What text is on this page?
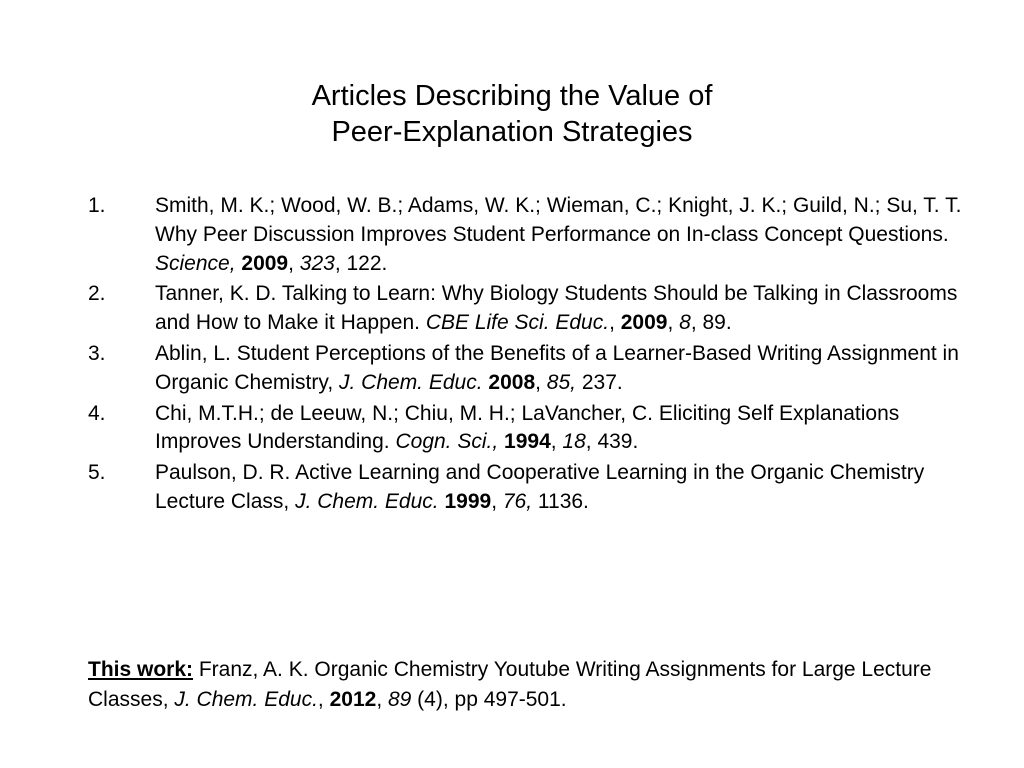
Articles Describing the Value of
Peer-Explanation Strategies
1. Smith, M. K.; Wood, W. B.; Adams, W. K.; Wieman, C.; Knight, J. K.; Guild, N.; Su, T. T. Why Peer Discussion Improves Student Performance on In-class Concept Questions. Science, 2009, 323, 122.
2. Tanner, K. D. Talking to Learn: Why Biology Students Should be Talking in Classrooms and How to Make it Happen. CBE Life Sci. Educ., 2009, 8, 89.
3. Ablin, L. Student Perceptions of the Benefits of a Learner-Based Writing Assignment in Organic Chemistry, J. Chem. Educ. 2008, 85, 237.
4. Chi, M.T.H.; de Leeuw, N.; Chiu, M. H.; LaVancher, C. Eliciting Self Explanations Improves Understanding. Cogn. Sci., 1994, 18, 439.
5. Paulson, D. R. Active Learning and Cooperative Learning in the Organic Chemistry Lecture Class, J. Chem. Educ. 1999, 76, 1136.
This work: Franz, A. K. Organic Chemistry Youtube Writing Assignments for Large Lecture Classes, J. Chem. Educ., 2012, 89 (4), pp 497-501.
